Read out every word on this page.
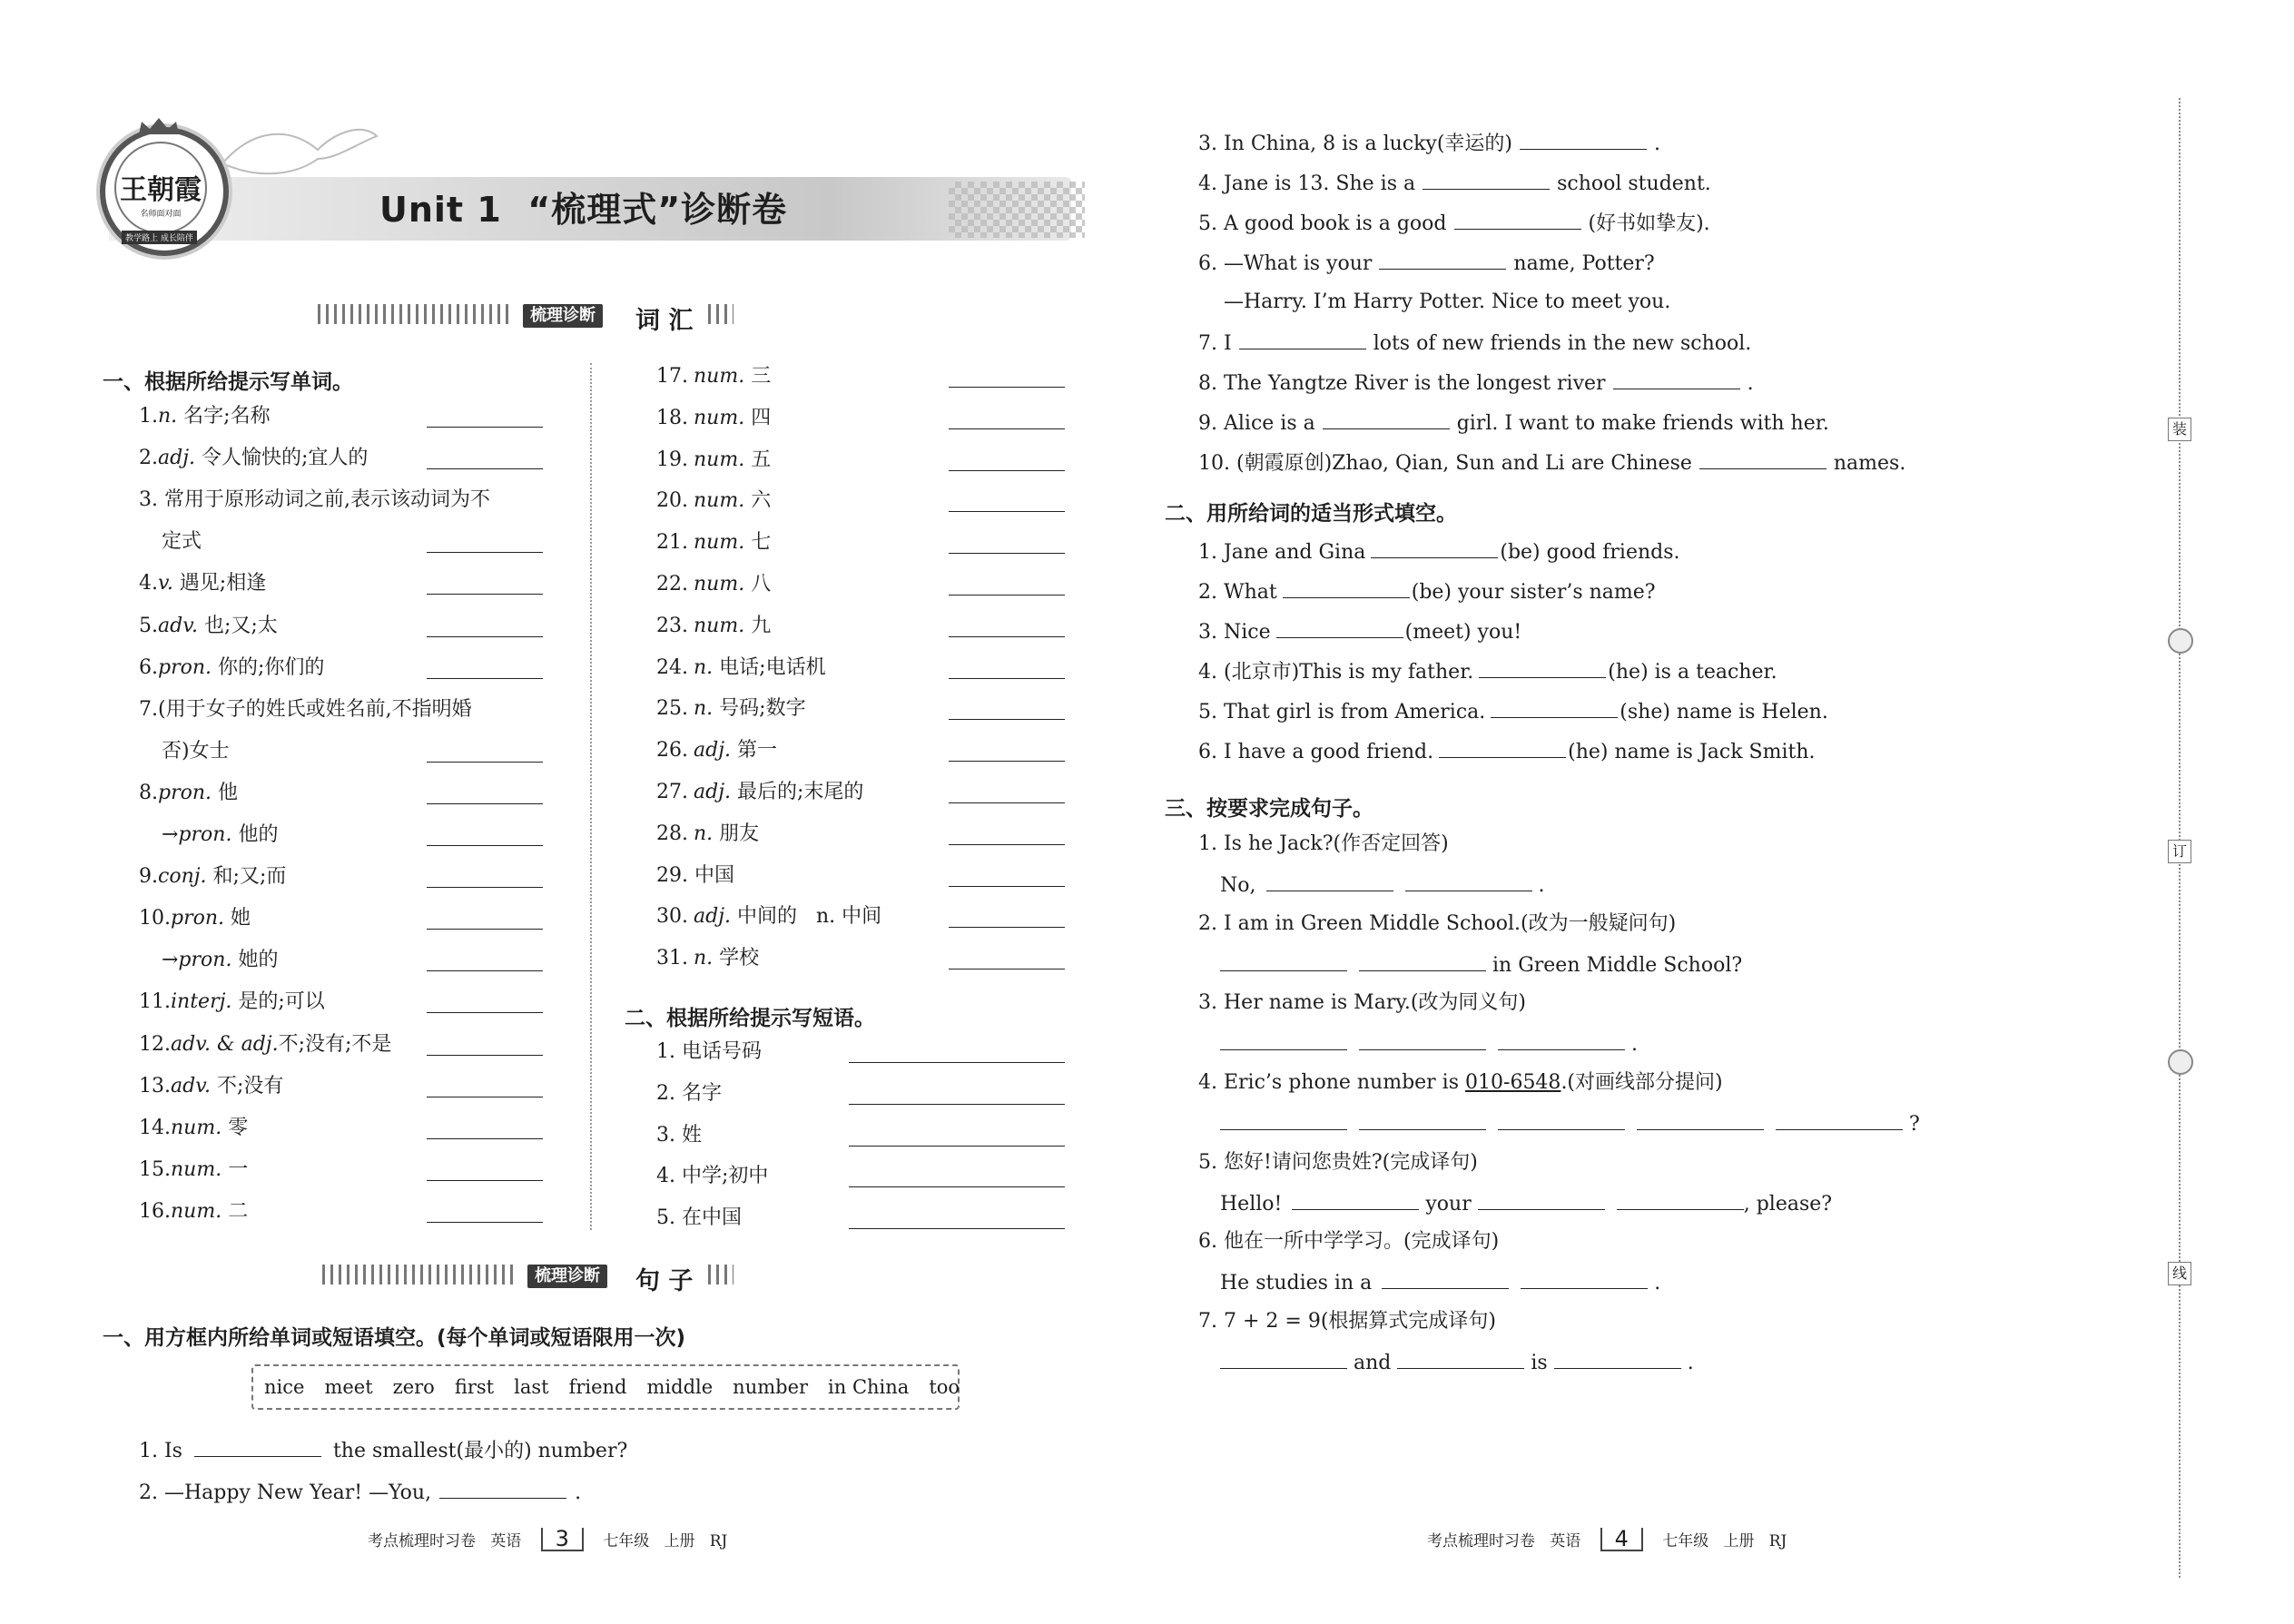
王朝霞
名师面对面
教学路上 成长陪伴
Unit 1  “梳理式”诊断卷
梳理诊断 词 汇
一、根据所给提示写单词。
1.n. 名字;名称
2.adj. 令人愉快的;宜人的
3. 常用于原形动词之前,表示该动词为不
定式
4.v. 遇见;相逢
5.adv. 也;又;太
6.pron. 你的;你们的
7.(用于女子的姓氏或姓名前,不指明婚
否)女士
8.pron. 他
→pron. 他的
9.conj. 和;又;而
10.pron. 她
→pron. 她的
11.interj. 是的;可以
12.adv. & adj.不;没有;不是
13.adv. 不;没有
14.num. 零
15.num. 一
16.num. 二
17. num. 三
18. num. 四
19. num. 五
20. num. 六
21. num. 七
22. num. 八
23. num. 九
24. n. 电话;电话机
25. n. 号码;数字
26. adj. 第一
27. adj. 最后的;末尾的
28. n. 朋友
29. 中国
30. adj. 中间的   n. 中间
31. n. 学校
二、根据所给提示写短语。
1. 电话号码
2. 名字
3. 姓
4. 中学;初中
5. 在中国
梳理诊断 句 子
一、用方框内所给单词或短语填空。(每个单词或短语限用一次)
nice meet zero first last friend middle number in China too
1. Is	the smallest(最小的) number?
2. —Happy New Year! —You,	.
考点梳理时习卷   英语 3 七年级   上册   RJ
3. In China, 8 is a lucky(幸运的)	.
4. Jane is 13. She is a	school student.
5. A good book is a good	(好书如挚友).
6. —What is your	name, Potter?
—Harry. I’m Harry Potter. Nice to meet you.
7. I	lots of new friends in the new school.
8. The Yangtze River is the longest river	.
9. Alice is a	girl. I want to make friends with her.
10. (朝霞原创)Zhao, Qian, Sun and Li are Chinese	names.
二、用所给词的适当形式填空。
1. Jane and Gina	(be) good friends.
2. What	(be) your sister’s name?
3. Nice	(meet) you!
4. (北京市)This is my father.	(he) is a teacher.
5. That girl is from America.	(she) name is Helen.
6. I have a good friend.	(he) name is Jack Smith.
三、按要求完成句子。
1. Is he Jack?(作否定回答)
No,	.
2. I am in Green Middle School.(改为一般疑问句)
in Green Middle School?
3. Her name is Mary.(改为同义句)
.
4. Eric’s phone number is 010-6548.(对画线部分提问)
?
5. 您好!请问您贵姓?(完成译句)
Hello!	your	, please?
6. 他在一所中学学习。(完成译句)
He studies in a	.
7. 7 + 2 = 9(根据算式完成译句)
and	is	.
考点梳理时习卷   英语 4 七年级   上册   RJ
装
订
线
